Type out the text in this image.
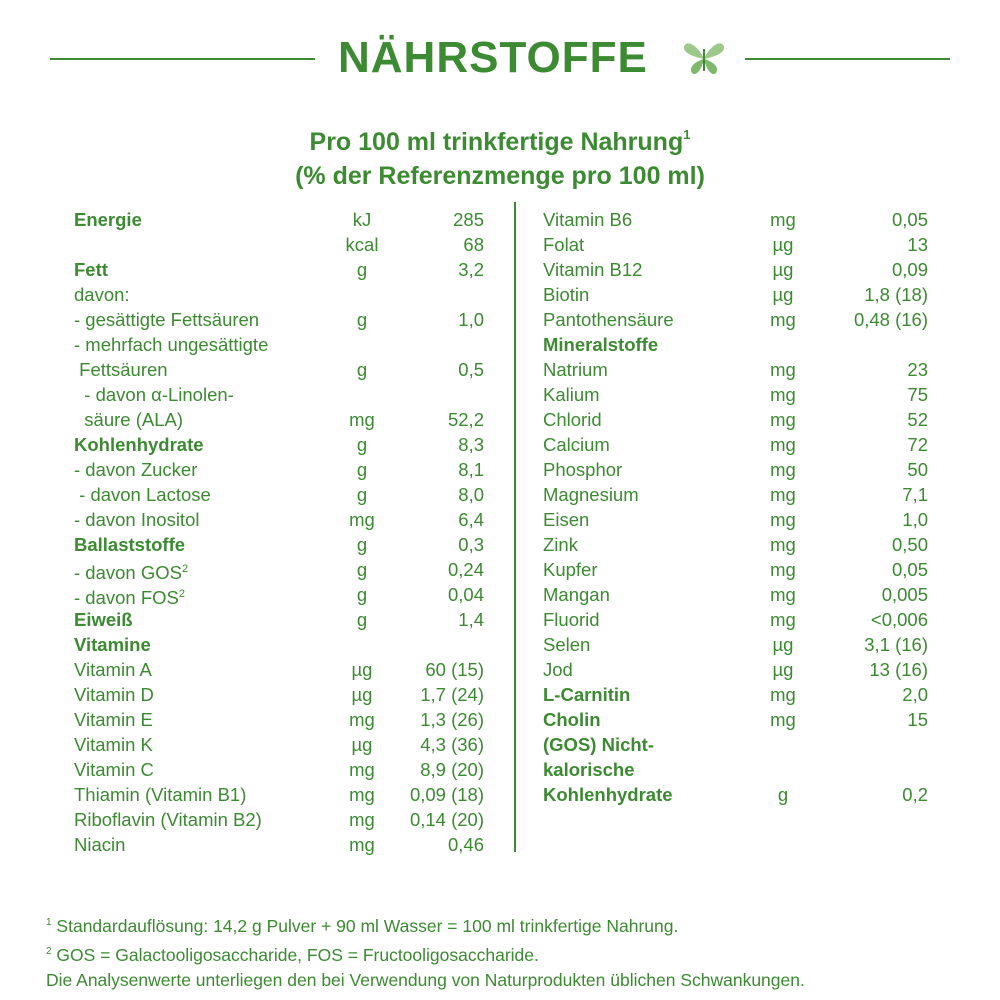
NÄHRSTOFFE
Pro 100 ml trinkfertige Nahrung$^1$
(% der Referenzmenge pro 100 ml)
Energie	kJ	285
kcal	68
Fett	g	3,2
davon:
- gesättigte Fettsäuren	g	1,0
- mehrfach ungesättigte
Fettsäuren	g	0,5
- davon α-Linolen-
säure (ALA)	mg	52,2
Kohlenhydrate	g	8,3
- davon Zucker	g	8,1
- davon Lactose	g	8,0
- davon Inositol	mg	6,4
Ballaststoffe	g	0,3
- davon GOS$^2$	g	0,24
- davon FOS$^2$	g	0,04
Eiweiß	g	1,4
Vitamine
Vitamin A	µg	60 (15)
Vitamin D	µg	1,7 (24)
Vitamin E	mg	1,3 (26)
Vitamin K	µg	4,3 (36)
Vitamin C	mg	8,9 (20)
Thiamin (Vitamin B1)	mg	0,09 (18)
Riboflavin (Vitamin B2)	mg	0,14 (20)
Niacin	mg	0,46
Vitamin B6	mg	0,05
Folat	µg	13
Vitamin B12	µg	0,09
Biotin	µg	1,8 (18)
Pantothensäure	mg	0,48 (16)
Mineralstoffe
Natrium	mg	23
Kalium	mg	75
Chlorid	mg	52
Calcium	mg	72
Phosphor	mg	50
Magnesium	mg	7,1
Eisen	mg	1,0
Zink	mg	0,50
Kupfer	mg	0,05
Mangan	mg	0,005
Fluorid	mg	<0,006
Selen	µg	3,1 (16)
Jod	µg	13 (16)
L-Carnitin	mg	2,0
Cholin	mg	15
(GOS) Nicht-
kalorische
Kohlenhydrate	g	0,2
$^1$ Standardauflösung: 14,2 g Pulver + 90 ml Wasser = 100 ml trinkfertige Nahrung.
$^2$ GOS = Galactooligosaccharide, FOS = Fructooligosaccharide.
Die Analysenwerte unterliegen den bei Verwendung von Naturprodukten üblichen Schwankungen.
